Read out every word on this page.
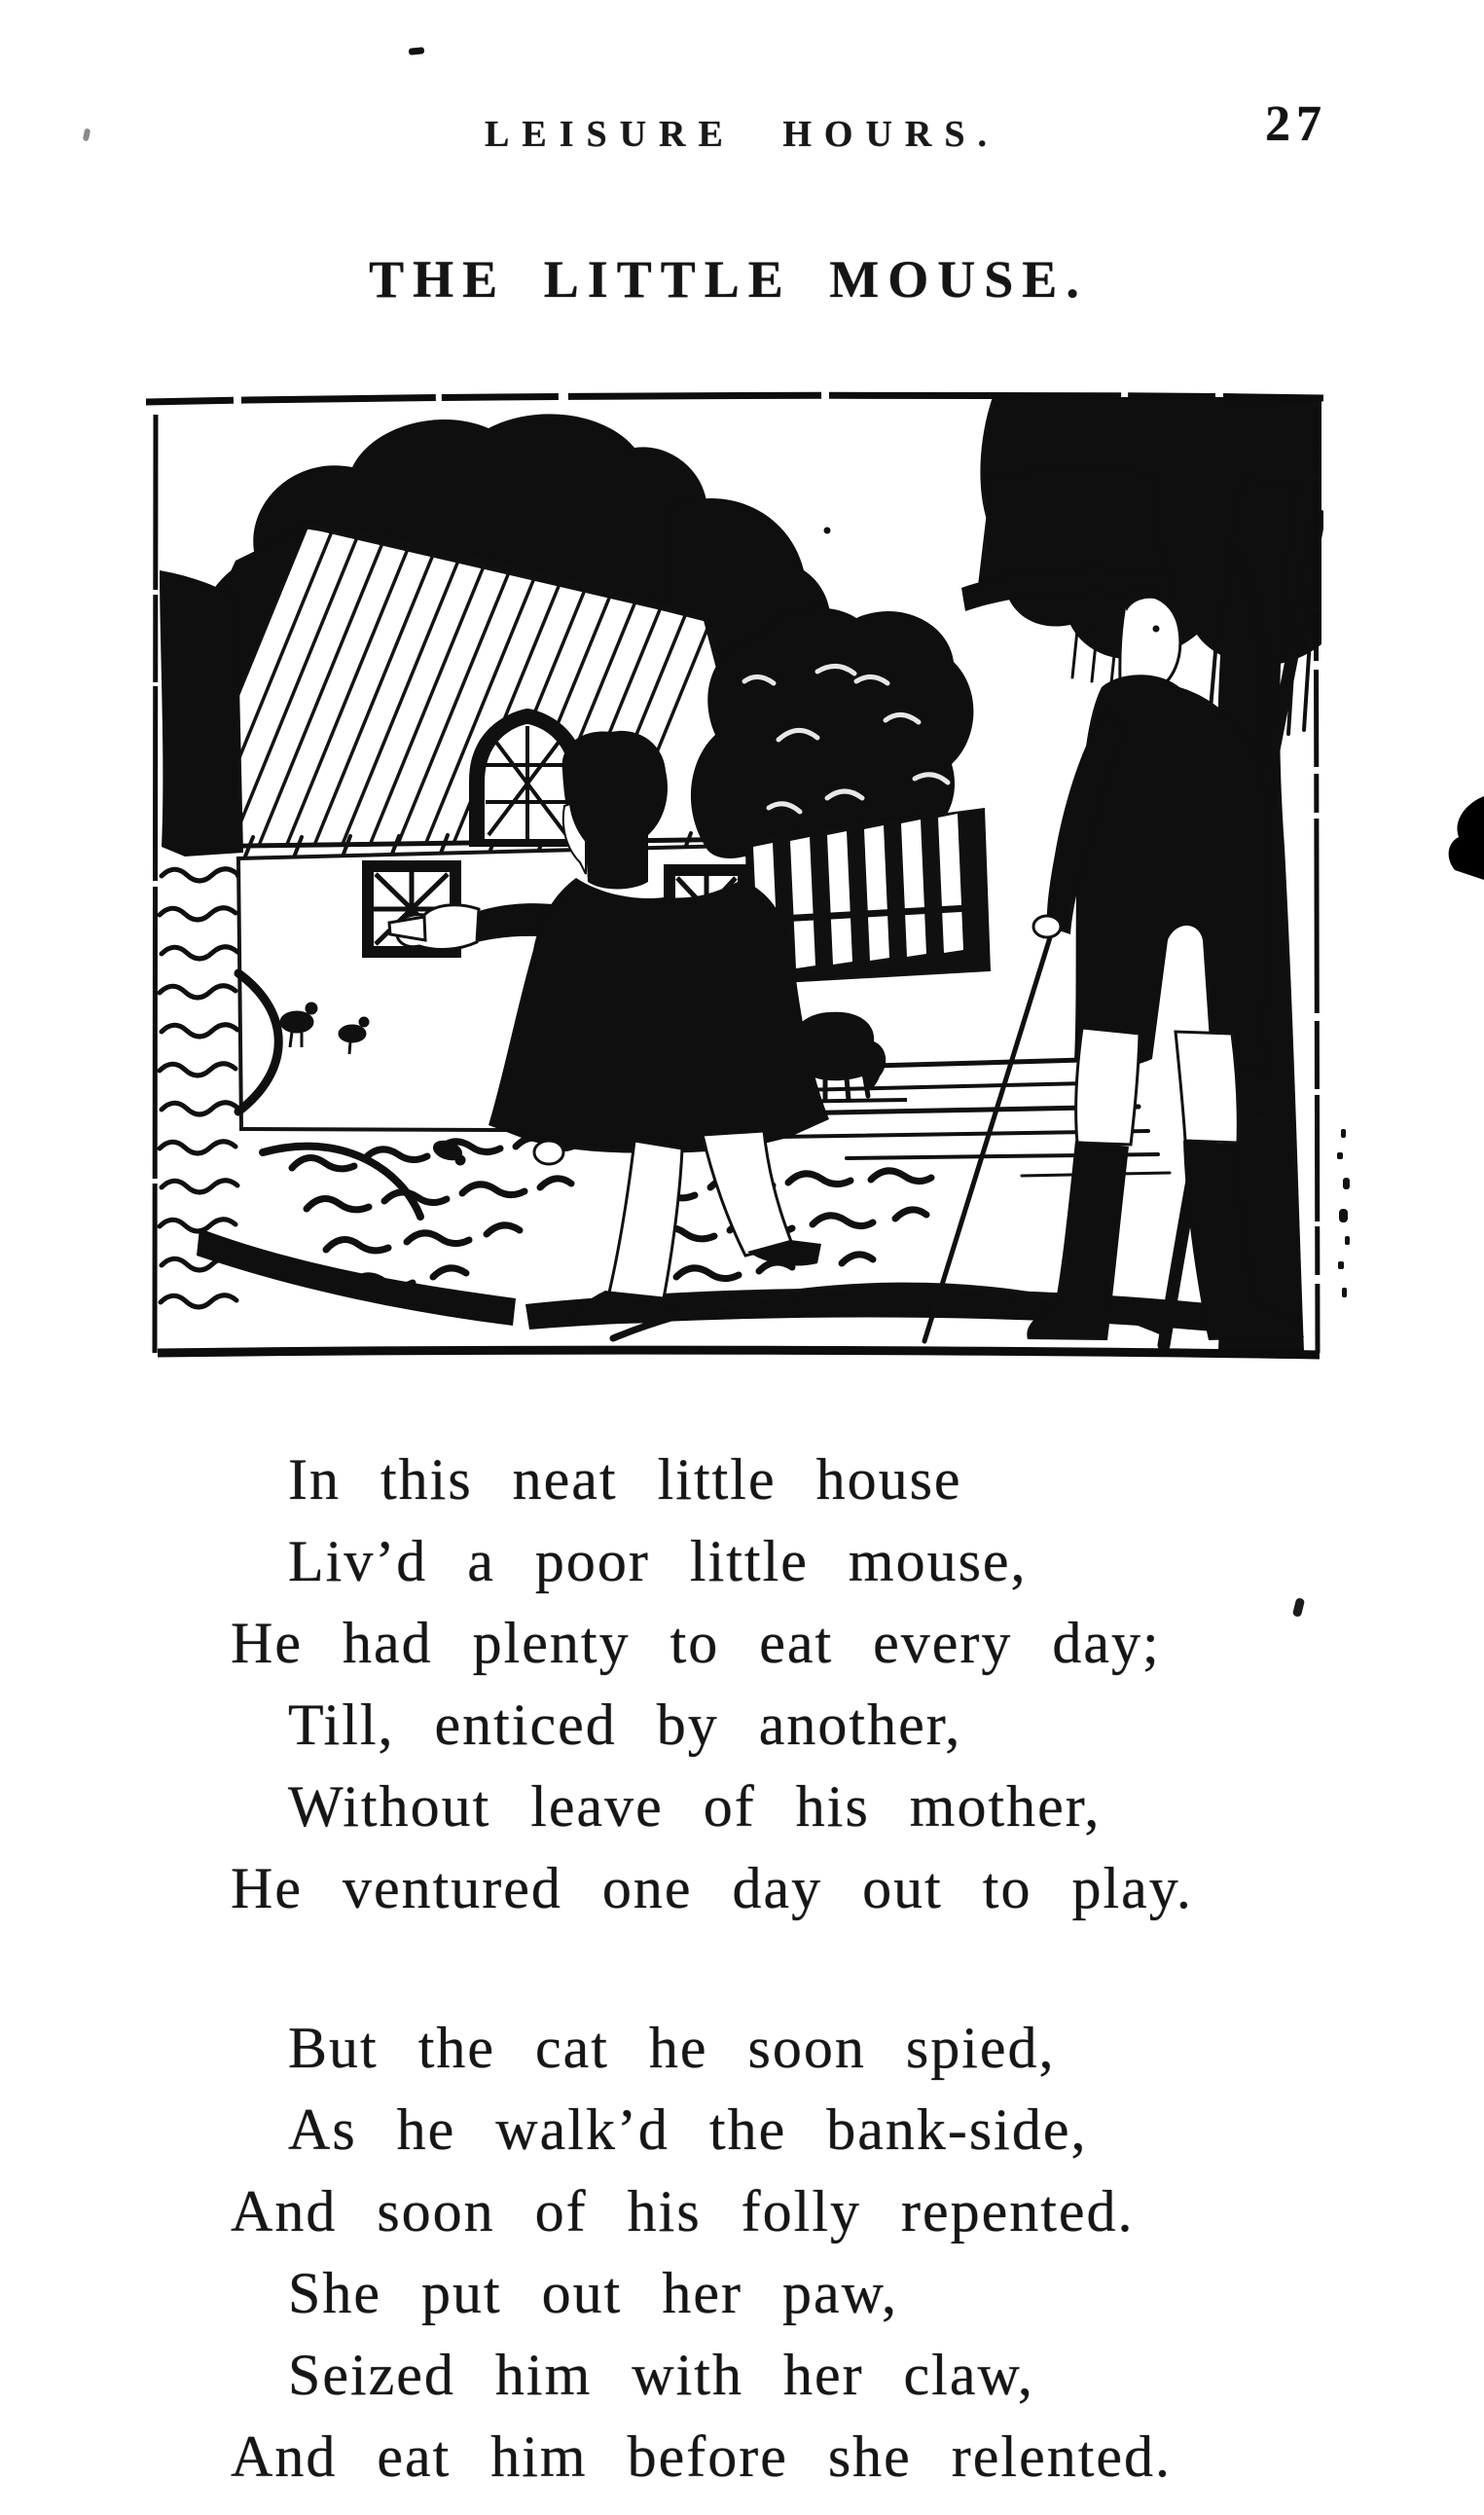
LEISURE HOURS.	27
THE LITTLE MOUSE.
In this neat little house
Liv’d a poor little mouse,
He had plenty to eat every day;
Till, enticed by another,
Without leave of his mother,
He ventured one day out to play.
But the cat he soon spied,
As he walk’d the bank-side,
And soon of his folly repented.
She put out her paw,
Seized him with her claw,
And eat him before she relented.
